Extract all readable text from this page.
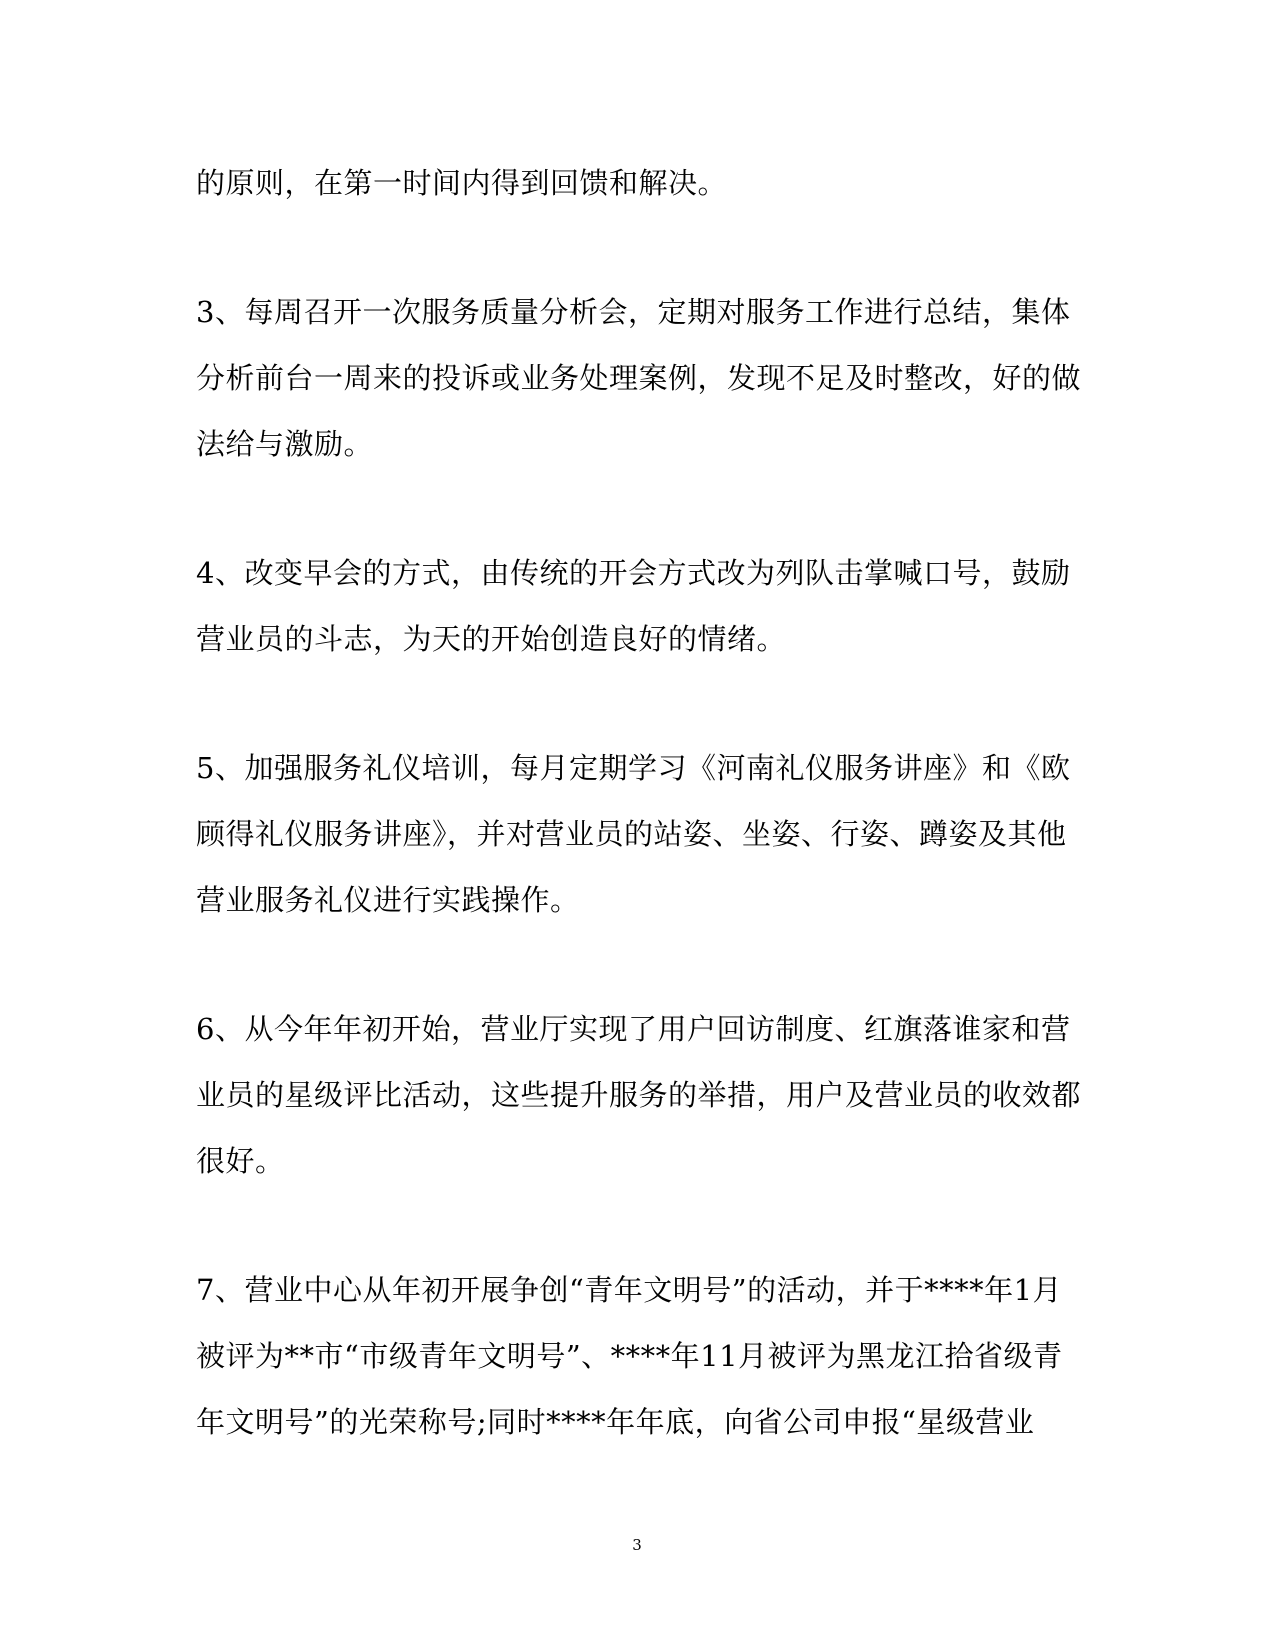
的原则，在第一时间内得到回馈和解决。

3、每周召开一次服务质量分析会，定期对服务工作进行总结，集体
分析前台一周来的投诉或业务处理案例，发现不足及时整改，好的做
法给与激励。

4、改变早会的方式，由传统的开会方式改为列队击掌喊口号，鼓励
营业员的斗志，为天的开始创造良好的情绪。

5、加强服务礼仪培训，每月定期学习《河南礼仪服务讲座》和《欧
顾得礼仪服务讲座》，并对营业员的站姿、坐姿、行姿、蹲姿及其他
营业服务礼仪进行实践操作。

6、从今年年初开始，营业厅实现了用户回访制度、红旗落谁家和营
业员的星级评比活动，这些提升服务的举措，用户及营业员的收效都
很好。

7、营业中心从年初开展争创“青年文明号”的活动，并于****年1月
被评为**市“市级青年文明号”、****年11月被评为黑龙江拾省级青
年文明号”的光荣称号;同时****年年底，向省公司申报“星级营业

3
